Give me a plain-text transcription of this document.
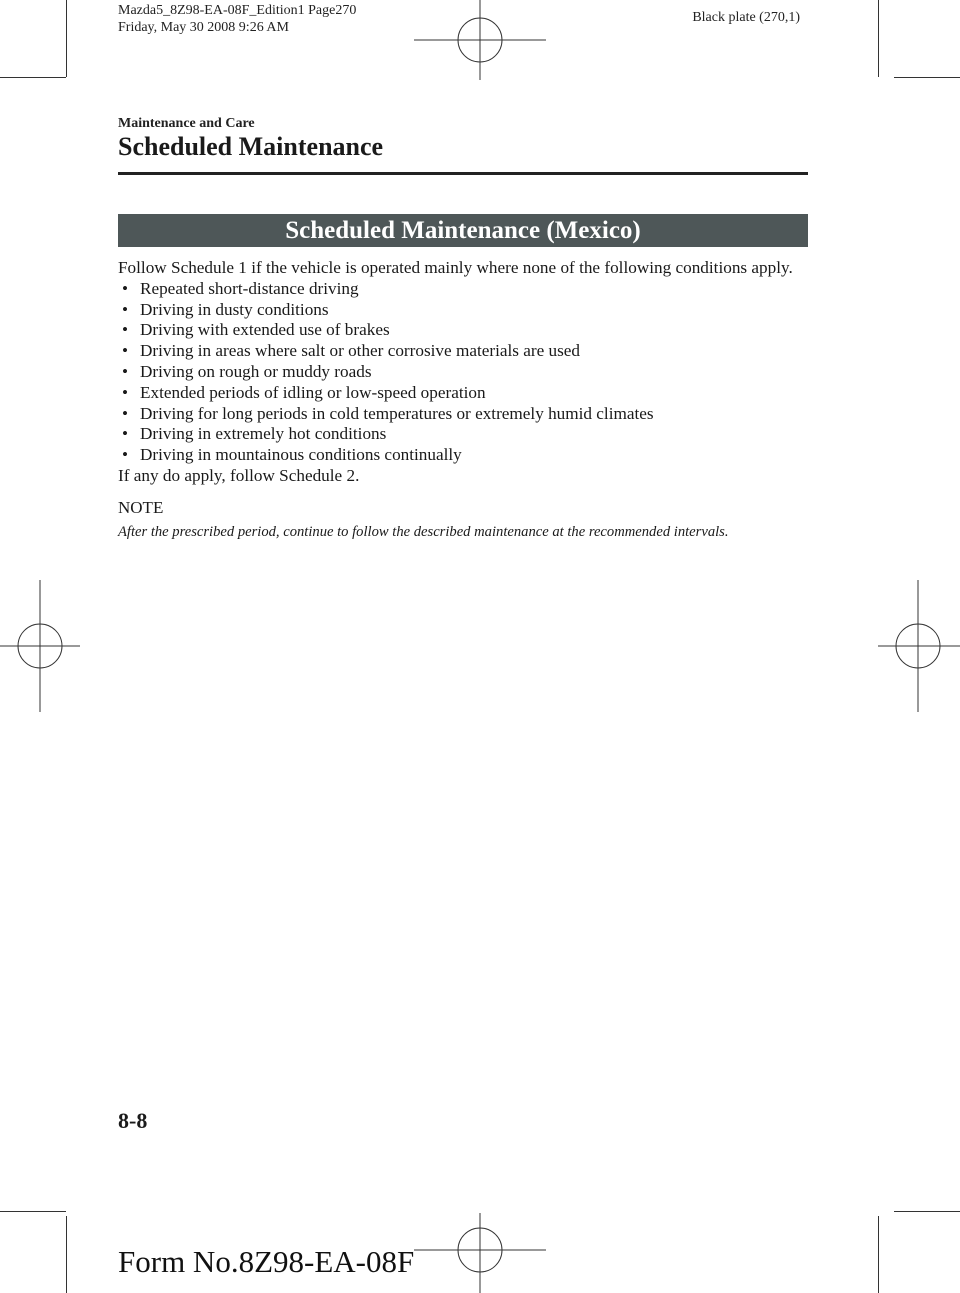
Mazda5_8Z98-EA-08F_Edition1 Page270
Friday, May 30 2008 9:26 AM
Black plate (270,1)
Maintenance and Care
Scheduled Maintenance
Scheduled Maintenance (Mexico)

Follow Schedule 1 if the vehicle is operated mainly where none of the following conditions apply.

• Repeated short-distance driving
• Driving in dusty conditions
• Driving with extended use of brakes
• Driving in areas where salt or other corrosive materials are used
• Driving on rough or muddy roads
• Extended periods of idling or low-speed operation
• Driving for long periods in cold temperatures or extremely humid climates
• Driving in extremely hot conditions
• Driving in mountainous conditions continually

If any do apply, follow Schedule 2.

NOTE

After the prescribed period, continue to follow the described maintenance at the recommended intervals.

8-8
Form No.8Z98-EA-08F
